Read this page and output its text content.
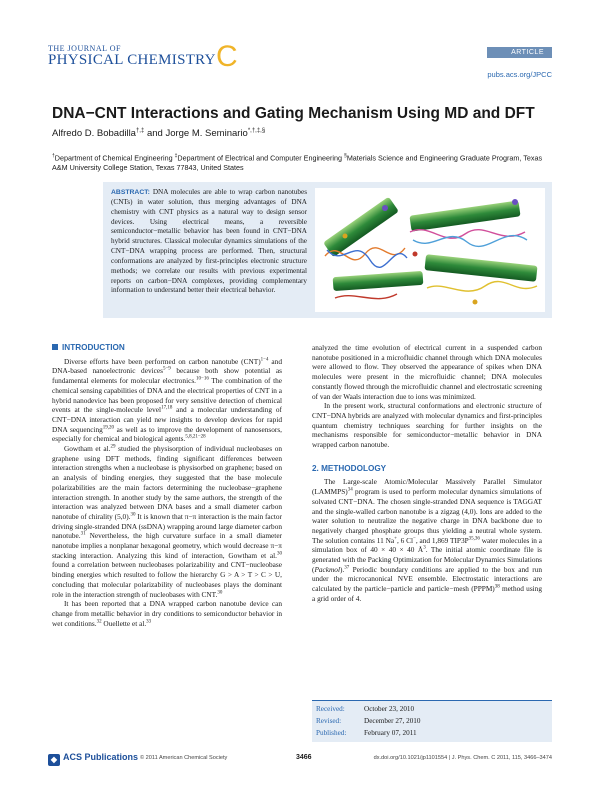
THE JOURNAL OF
PHYSICAL CHEMISTRY C	ARTICLE
pubs.acs.org/JPCC
DNA−CNT Interactions and Gating Mechanism Using MD and DFT
Alfredo D. Bobadilla†,‡ and Jorge M. Seminario*,†,‡,§
†Department of Chemical Engineering ‡Department of Electrical and Computer Engineering §Materials Science and Engineering Graduate Program, Texas A&M University College Station, Texas 77843, United States
ABSTRACT: DNA molecules are able to wrap carbon nanotubes (CNTs) in water solution, thus merging advantages of DNA chemistry with CNT physics as a natural way to design sensor devices. Using electrical means, a reversible semiconductor−metallic behavior has been found in CNT−DNA hybrid structures. Classical molecular dynamics simulations of the CNT−DNA wrapping process are performed. Then, structural conformations are analyzed by first-principles electronic structure methods; we correlate our results with previous experimental reports on carbon−DNA complexes, providing complementary information to understand better their electrical behavior.
INTRODUCTION

Diverse efforts have been performed on carbon nanotube (CNT)$^{1-4}$ and DNA-based nanoelectronic devices$^{5-9}$ because both show potential as fundamental elements for molecular electronics.$^{10-16}$ The combination of the chemical sensing capabilities of DNA and the electrical properties of CNT in a hybrid nanodevice has been proposed for very sensitive detection of chemical events at the single-molecule level$^{17,18}$ and a molecular understanding of CNT−DNA interaction can yield new insights to develop devices for rapid DNA sequencing$^{19,20}$ as well as to improve the development of nanosensors, especially for chemical and biological agents.$^{5,8,21-28}$

Gowtham et al.$^{29}$ studied the physisorption of individual nucleobases on graphene using DFT methods, finding significant differences between interaction strengths when a nucleobase is physisorbed on graphene; based on an analysis of binding energies, they suggested that the base molecule polarizabilities are the main factors determining the nucleobase−graphene interaction strength. In another study by the same authors, the strength of the interaction was analyzed between DNA bases and a small diameter carbon nanotube of chirality (5,0).$^{30}$ It is known that π−π interaction is the main factor driving single-stranded DNA (ssDNA) wrapping around large diameter carbon nanotube.$^{31}$ Nevertheless, the high curvature surface in a small diameter nanotube implies a nonplanar hexagonal geometry, which would decrease π−π stacking interaction. Analyzing this kind of interaction, Gowtham et al.$^{30}$ found a correlation between nucleobases polarizability and CNT−nucleobase binding energies which resulted to follow the hierarchy G > A > T > C > U, concluding that molecular polarizability of nucleobases plays the dominant role in the interaction strength of nucleobases with CNT.$^{30}$

It has been reported that a DNA wrapped carbon nanotube device can change from metallic behavior in dry conditions to semiconductor behavior in wet conditions.$^{32}$ Ouellette et al.$^{33}$

analyzed the time evolution of electrical current in a suspended carbon nanotube positioned in a microfluidic channel through which DNA molecules were allowed to flow. They observed the appearance of spikes when DNA molecules were present in the microfluidic channel; DNA molecules constantly flowed through the microfluidic channel and electrostatic screening of van der Waals interaction due to ions was minimized.

In the present work, structural conformations and electronic structure of CNT−DNA hybrids are analyzed with molecular dynamics and first-principles quantum chemistry techniques searching for further insights on the mechanisms responsible for semiconductor−metallic behavior in DNA wrapped carbon nanotube.

2. METHODOLOGY

The Large-scale Atomic/Molecular Massively Parallel Simulator (LAMMPS)$^{34}$ program is used to perform molecular dynamics simulations of solvated CNT−DNA. The chosen single-stranded DNA sequence is TAGGAT and the single-walled carbon nanotube is a zigzag (4,0). Ions are added to the water solution to neutralize the negative charge in DNA backbone due to negatively charged phosphate groups thus yielding a neutral whole system. The solution contains 11 Na+, 6 Cl−, and 1,869 $TIP3P^{35,36}$ water molecules in a simulation box of 40 × 40 × 40 $Å^3$. The initial atomic coordinate file is generated with the Packing Optimization for Molecular Dynamics Simulations (Packmol).$^{37}$ Periodic boundary conditions are applied to the box and run under the microcanonical NVE ensemble. Electrostatic interactions are calculated by the particle−particle and particle−mesh (PPPM)$^{38}$ method using a grid order of 4.

Received:	October 23, 2010
Revised:	December 27, 2010
Published: February 07, 2011
◆ ACS Publications © 2011 American Chemical Society	3466	dx.doi.org/10.1021/jp1101554 | J. Phys. Chem. C 2011, 115, 3466–3474
